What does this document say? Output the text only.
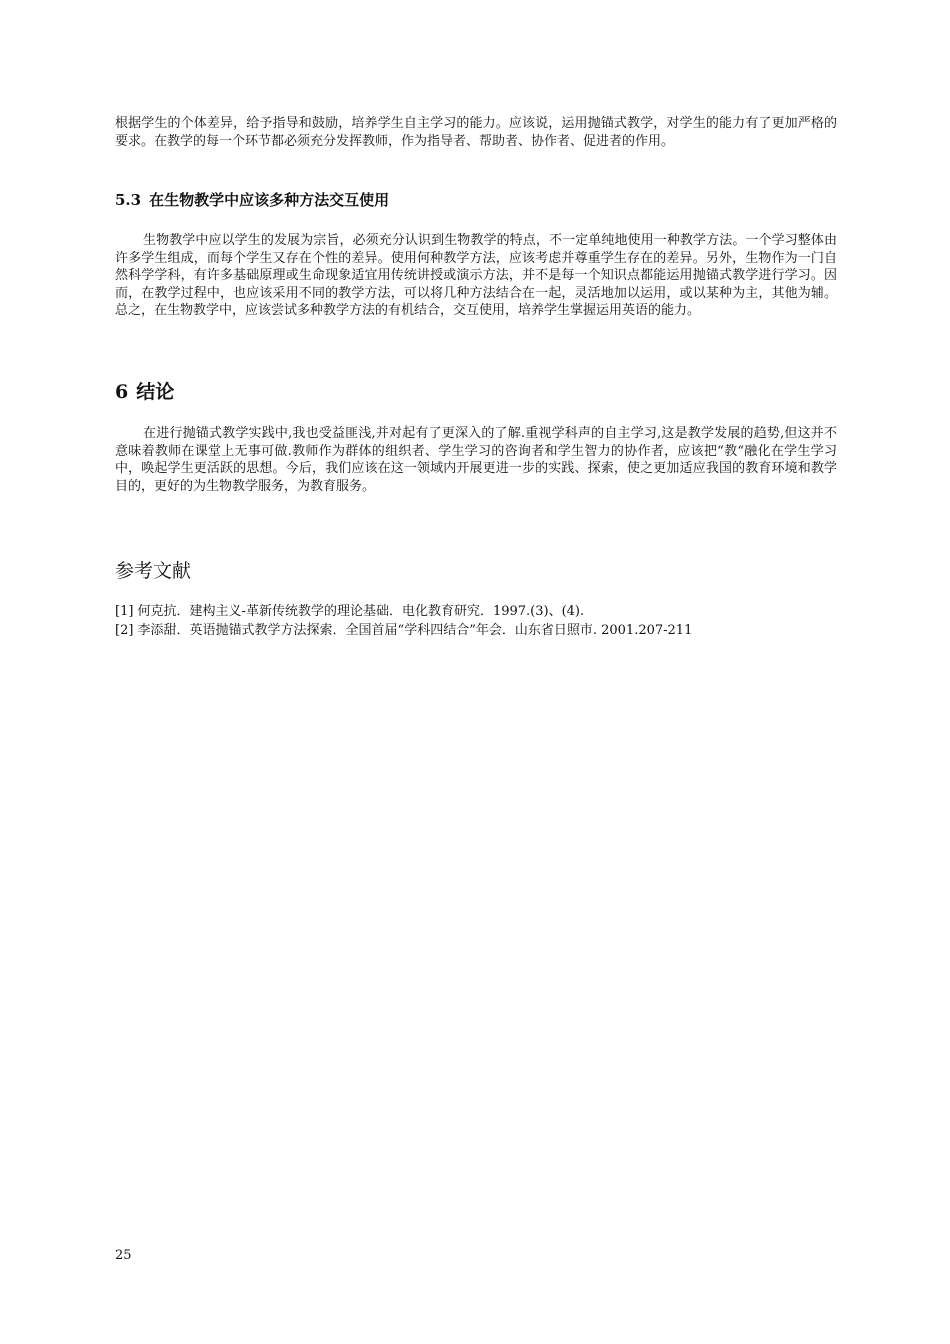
根据学生的个体差异，给予指导和鼓励，培养学生自主学习的能力。应该说，运用抛锚式教学，对学生的能力有了更加严格的要求。在教学的每一个环节都必须充分发挥教师，作为指导者、帮助者、协作者、促进者的作用。

5.3 在生物教学中应该多种方法交互使用

生物教学中应以学生的发展为宗旨，必须充分认识到生物教学的特点，不一定单纯地使用一种教学方法。一个学习整体由许多学生组成，而每个学生又存在个性的差异。使用何种教学方法，应该考虑并尊重学生存在的差异。另外，生物作为一门自然科学学科，有许多基础原理或生命现象适宜用传统讲授或演示方法，并不是每一个知识点都能运用抛锚式教学进行学习。因而，在教学过程中，也应该采用不同的教学方法，可以将几种方法结合在一起，灵活地加以运用，或以某种为主，其他为辅。总之，在生物教学中，应该尝试多种教学方法的有机结合，交互使用，培养学生掌握运用英语的能力。

6 结论

在进行抛锚式教学实践中,我也受益匪浅,并对起有了更深入的了解.重视学科声的自主学习,这是教学发展的趋势,但这并不意味着教师在课堂上无事可做.教师作为群体的组织者、学生学习的咨询者和学生智力的协作者，应该把“教“融化在学生学习中，唤起学生更活跃的思想。今后，我们应该在这一领域内开展更进一步的实践、探索，使之更加适应我国的教育环境和教学目的，更好的为生物教学服务，为教育服务。

参考文献
[1] 何克抗．建构主义-革新传统教学的理论基础．电化教育研究．1997.(3)、(4).
[2] 李添甜．英语抛锚式教学方法探索．全国首届“学科四结合”年会．山东省日照市. 2001.207-211
25
